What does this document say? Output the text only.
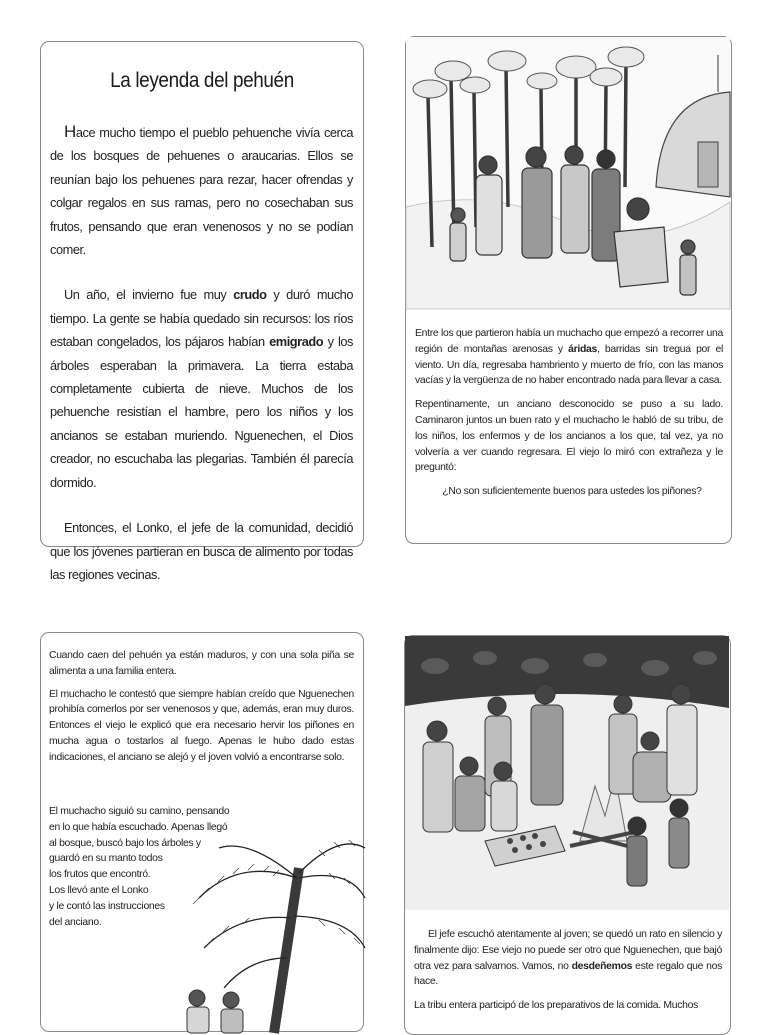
La leyenda del pehuén

Hace mucho tiempo el pueblo pehuenche vivía cerca de los bosques de pehuenes o araucarias. Ellos se reunían bajo los pehuenes para rezar, hacer ofrendas y colgar regalos en sus ramas, pero no cosechaban sus frutos, pensando que eran venenosos y no se podían comer.

Un año, el invierno fue muy crudo y duró mucho tiempo. La gente se había quedado sin recursos: los ríos estaban congelados, los pájaros habían emigrado y los árboles esperaban la primavera. La tierra estaba completamente cubierta de nieve. Muchos de los pehuenche resistían el hambre, pero los niños y los ancianos se estaban muriendo. Nguenechen, el Dios creador, no escuchaba las plegarias. También él parecía dormido.

Entonces, el Lonko, el jefe de la comunidad, decidió que los jóvenes partieran en busca de alimento por todas las regiones vecinas.

Entre los que partieron había un muchacho que empezó a recorrer una región de montañas arenosas y áridas, barridas sin tregua por el viento. Un día, regresaba hambriento y muerto de frío, con las manos vacías y la vergüenza de no haber encontrado nada para llevar a casa.

Repentinamente, un anciano desconocido se puso a su lado. Caminaron juntos un buen rato y el muchacho le habló de su tribu, de los niños, los enfermos y de los ancianos a los que, tal vez, ya no volvería a ver cuando regresara. El viejo lo miró con extrañeza y le preguntó:

¿No son suficientemente buenos para ustedes los piñones?

Cuando caen del pehuén ya están maduros, y con una sola piña se alimenta a una familia entera.

El muchacho le contestó que siempre habían creído que Nguenechen prohibía comerlos por ser venenosos y que, además, eran muy duros. Entonces el viejo le explicó que era necesario hervir los piñones en mucha agua o tostarlos al fuego. Apenas le hubo dado estas indicaciones, el anciano se alejó y el joven volvió a encontrarse solo.

El muchacho siguió su camino, pensando
en lo que había escuchado. Apenas llegó
al bosque, buscó bajo los árboles y
guardó en su manto todos
los frutos que encontró.
Los llevó ante el Lonko
y le contó las instrucciones
del anciano.

El jefe escuchó atentamente al joven; se quedó un rato en silencio y finalmente dijo: Ese viejo no puede ser otro que Nguenechen, que bajó otra vez para salvarnos. Vamos, no desdeñemos este regalo que nos hace.

La tribu entera participó de los preparativos de la comida. Muchos
